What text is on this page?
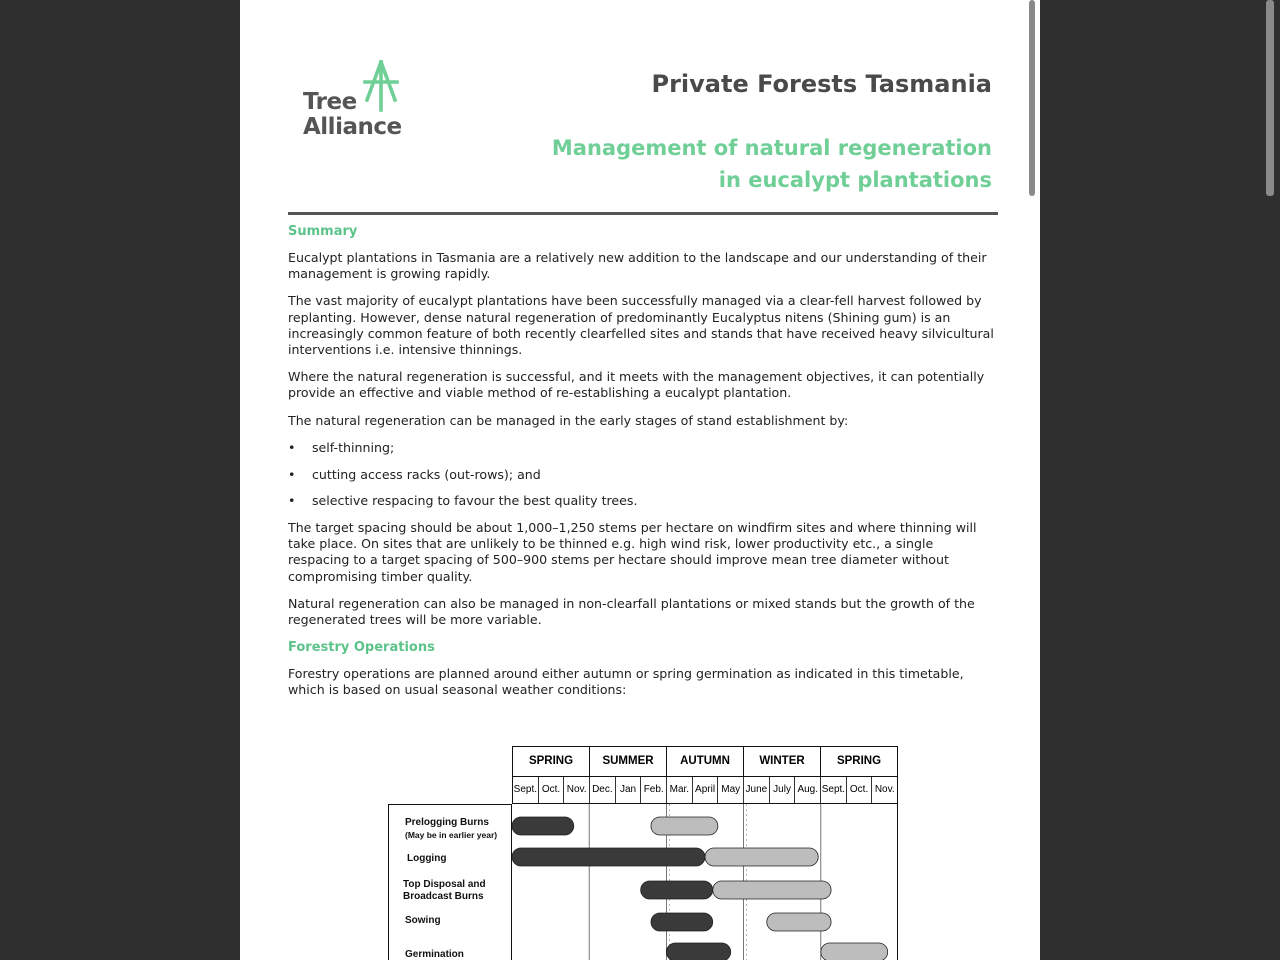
Tree
Alliance
Private Forests Tasmania
Management of natural regeneration
in eucalypt plantations
Summary
Eucalypt plantations in Tasmania are a relatively new addition to the landscape and our understanding of their management is growing rapidly.
The vast majority of eucalypt plantations have been successfully managed via a clear-fell harvest followed by replanting. However, dense natural regeneration of predominantly Eucalyptus nitens (Shining gum) is an increasingly common feature of both recently clearfelled sites and stands that have received heavy silvicultural interventions i.e. intensive thinnings.
Where the natural regeneration is successful, and it meets with the management objectives, it can potentially provide an effective and viable method of re-establishing a eucalypt plantation.
The natural regeneration can be managed in the early stages of stand establishment by:
•	self-thinning;
•	cutting access racks (out-rows); and
•	selective respacing to favour the best quality trees.
The target spacing should be about 1,000–1,250 stems per hectare on windfirm sites and where thinning will take place. On sites that are unlikely to be thinned e.g. high wind risk, lower productivity etc., a single respacing to a target spacing of 500–900 stems per hectare should improve mean tree diameter without compromising timber quality.
Natural regeneration can also be managed in non-clearfall plantations or mixed stands but the growth of the regenerated trees will be more variable.
Forestry Operations
Forestry operations are planned around either autumn or spring germination as indicated in this timetable, which is based on usual seasonal weather conditions:
SPRING	SUMMER	AUTUMN	WINTER	SPRING
Sept. Oct. Nov. Dec. Jan Feb. Mar. April May June July Aug. Sept. Oct. Nov.
Prelogging Burns
(May be in earlier year)
Logging
Top Disposal and
Broadcast Burns
Sowing
Germination
